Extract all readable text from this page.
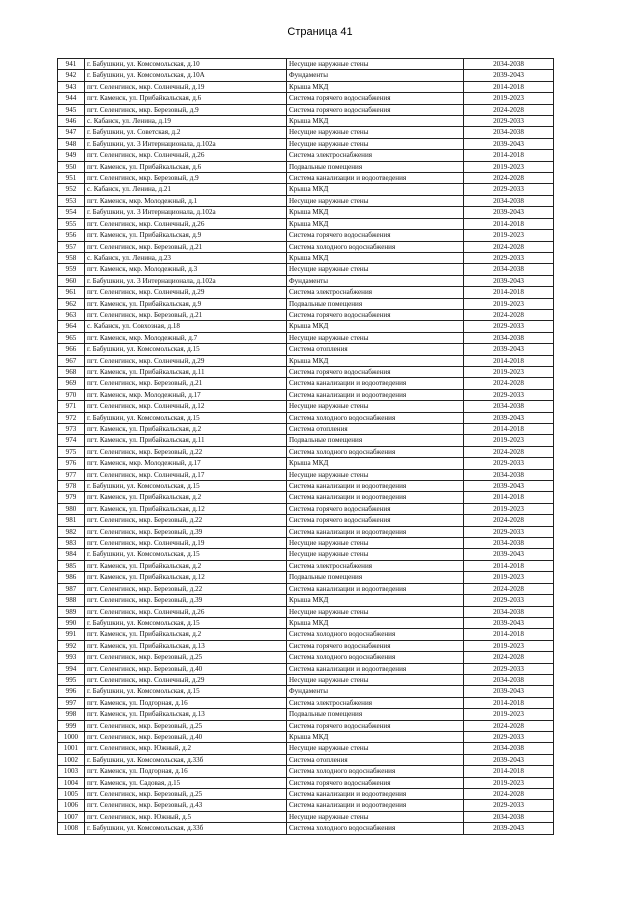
Страница 41
941	г. Бабушкин, ул. Комсомольская, д.10	Несущие наружные стены	2034-2038
942	г. Бабушкин, ул. Комсомольская, д.10А	Фундаменты	2039-2043
943	пгт. Селенгинск, мкр. Солнечный, д.19	Крыша МКД	2014-2018
944	пгт. Каменск, ул. Прибайкальская, д.6	Система горячего водоснабжения	2019-2023
945	пгт. Селенгинск, мкр. Березовый, д.9	Система горячего водоснабжения	2024-2028
946	с. Кабанск, ул. Ленина, д.19	Крыша МКД	2029-2033
947	г. Бабушкин, ул. Советская, д.2	Несущие наружные стены	2034-2038
948	г. Бабушкин, ул. 3 Интернационала, д.102а	Несущие наружные стены	2039-2043
949	пгт. Селенгинск, мкр. Солнечный, д.26	Система электроснабжения	2014-2018
950	пгт. Каменск, ул. Прибайкальская, д.6	Подвальные помещения	2019-2023
951	пгт. Селенгинск, мкр. Березовый, д.9	Система канализации и водоотведения	2024-2028
952	с. Кабанск, ул. Ленина, д.21	Крыша МКД	2029-2033
953	пгт. Каменск, мкр. Молодежный, д.1	Несущие наружные стены	2034-2038
954	г. Бабушкин, ул. 3 Интернационала, д.102а	Крыша МКД	2039-2043
955	пгт. Селенгинск, мкр. Солнечный, д.26	Крыша МКД	2014-2018
956	пгт. Каменск, ул. Прибайкальская, д.9	Система горячего водоснабжения	2019-2023
957	пгт. Селенгинск, мкр. Березовый, д.21	Система холодного водоснабжения	2024-2028
958	с. Кабанск, ул. Ленина, д.23	Крыша МКД	2029-2033
959	пгт. Каменск, мкр. Молодежный, д.3	Несущие наружные стены	2034-2038
960	г. Бабушкин, ул. 3 Интернационала, д.102а	Фундаменты	2039-2043
961	пгт. Селенгинск, мкр. Солнечный, д.29	Система электроснабжения	2014-2018
962	пгт. Каменск, ул. Прибайкальская, д.9	Подвальные помещения	2019-2023
963	пгт. Селенгинск, мкр. Березовый, д.21	Система горячего водоснабжения	2024-2028
964	с. Кабанск, ул. Совхозная, д.18	Крыша МКД	2029-2033
965	пгт. Каменск, мкр. Молодежный, д.7	Несущие наружные стены	2034-2038
966	г. Бабушкин, ул. Комсомольская, д.15	Система отопления	2039-2043
967	пгт. Селенгинск, мкр. Солнечный, д.29	Крыша МКД	2014-2018
968	пгт. Каменск, ул. Прибайкальская, д.11	Система горячего водоснабжения	2019-2023
969	пгт. Селенгинск, мкр. Березовый, д.21	Система канализации и водоотведения	2024-2028
970	пгт. Каменск, мкр. Молодежный, д.17	Система канализации и водоотведения	2029-2033
971	пгт. Селенгинск, мкр. Солнечный, д.12	Несущие наружные стены	2034-2038
972	г. Бабушкин, ул. Комсомольская, д.15	Система холодного водоснабжения	2039-2043
973	пгт. Каменск, ул. Прибайкальская, д.2	Система отопления	2014-2018
974	пгт. Каменск, ул. Прибайкальская, д.11	Подвальные помещения	2019-2023
975	пгт. Селенгинск, мкр. Березовый, д.22	Система холодного водоснабжения	2024-2028
976	пгт. Каменск, мкр. Молодежный, д.17	Крыша МКД	2029-2033
977	пгт. Селенгинск, мкр. Солнечный, д.17	Несущие наружные стены	2034-2038
978	г. Бабушкин, ул. Комсомольская, д.15	Система канализации и водоотведения	2039-2043
979	пгт. Каменск, ул. Прибайкальская, д.2	Система канализации и водоотведения	2014-2018
980	пгт. Каменск, ул. Прибайкальская, д.12	Система горячего водоснабжения	2019-2023
981	пгт. Селенгинск, мкр. Березовый, д.22	Система горячего водоснабжения	2024-2028
982	пгт. Селенгинск, мкр. Березовый, д.39	Система канализации и водоотведения	2029-2033
983	пгт. Селенгинск, мкр. Солнечный, д.19	Несущие наружные стены	2034-2038
984	г. Бабушкин, ул. Комсомольская, д.15	Несущие наружные стены	2039-2043
985	пгт. Каменск, ул. Прибайкальская, д.2	Система электроснабжения	2014-2018
986	пгт. Каменск, ул. Прибайкальская, д.12	Подвальные помещения	2019-2023
987	пгт. Селенгинск, мкр. Березовый, д.22	Система канализации и водоотведения	2024-2028
988	пгт. Селенгинск, мкр. Березовый, д.39	Крыша МКД	2029-2033
989	пгт. Селенгинск, мкр. Солнечный, д.26	Несущие наружные стены	2034-2038
990	г. Бабушкин, ул. Комсомольская, д.15	Крыша МКД	2039-2043
991	пгт. Каменск, ул. Прибайкальская, д.2	Система холодного водоснабжения	2014-2018
992	пгт. Каменск, ул. Прибайкальская, д.13	Система горячего водоснабжения	2019-2023
993	пгт. Селенгинск, мкр. Березовый, д.25	Система холодного водоснабжения	2024-2028
994	пгт. Селенгинск, мкр. Березовый, д.40	Система канализации и водоотведения	2029-2033
995	пгт. Селенгинск, мкр. Солнечный, д.29	Несущие наружные стены	2034-2038
996	г. Бабушкин, ул. Комсомольская, д.15	Фундаменты	2039-2043
997	пгт. Каменск, ул. Подгорная, д.16	Система электроснабжения	2014-2018
998	пгт. Каменск, ул. Прибайкальская, д.13	Подвальные помещения	2019-2023
999	пгт. Селенгинск, мкр. Березовый, д.25	Система горячего водоснабжения	2024-2028
1000	пгт. Селенгинск, мкр. Березовый, д.40	Крыша МКД	2029-2033
1001	пгт. Селенгинск, мкр. Южный, д.2	Несущие наружные стены	2034-2038
1002	г. Бабушкин, ул. Комсомольская, д.33б	Система отопления	2039-2043
1003	пгт. Каменск, ул. Подгорная, д.16	Система холодного водоснабжения	2014-2018
1004	пгт. Каменск, ул. Садовая, д.15	Система горячего водоснабжения	2019-2023
1005	пгт. Селенгинск, мкр. Березовый, д.25	Система канализации и водоотведения	2024-2028
1006	пгт. Селенгинск, мкр. Березовый, д.43	Система канализации и водоотведения	2029-2033
1007	пгт. Селенгинск, мкр. Южный, д.5	Несущие наружные стены	2034-2038
1008	г. Бабушкин, ул. Комсомольская, д.33б	Система холодного водоснабжения	2039-2043
